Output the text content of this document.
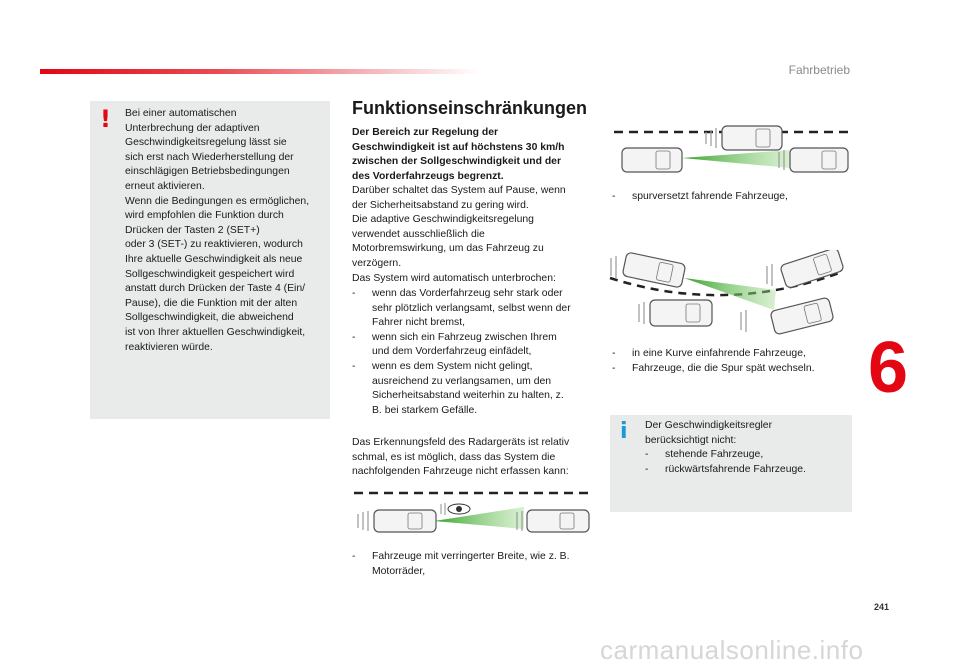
Fahrbetrieb
! Bei einer automatischen
Unterbrechung der adaptiven
Geschwindigkeitsregelung lässt sie
sich erst nach Wiederherstellung der
einschlägigen Betriebsbedingungen
erneut aktivieren.
Wenn die Bedingungen es ermöglichen,
wird empfohlen die Funktion durch
Drücken der Tasten 2 (SET+)
oder 3 (SET-) zu reaktivieren, wodurch
Ihre aktuelle Geschwindigkeit als neue
Sollgeschwindigkeit gespeichert wird
anstatt durch Drücken der Taste 4 (Ein/
Pause), die die Funktion mit der alten
Sollgeschwindigkeit, die abweichend
ist von Ihrer aktuellen Geschwindigkeit,
reaktivieren würde.
Funktionseinschränkungen
Der Bereich zur Regelung der
Geschwindigkeit ist auf höchstens 30 km/h
zwischen der Sollgeschwindigkeit und der
des Vorderfahrzeugs begrenzt.
Darüber schaltet das System auf Pause, wenn
der Sicherheitsabstand zu gering wird.
Die adaptive Geschwindigkeitsregelung
verwendet ausschließlich die
Motorbremswirkung, um das Fahrzeug zu
verzögern.
Das System wird automatisch unterbrochen:
-	wenn das Vorderfahrzeug sehr stark oder
sehr plötzlich verlangsamt, selbst wenn der
Fahrer nicht bremst,
-	wenn sich ein Fahrzeug zwischen Ihrem
und dem Vorderfahrzeug einfädelt,
-	wenn es dem System nicht gelingt,
ausreichend zu verlangsamen, um den
Sicherheitsabstand weiterhin zu halten, z.
B. bei starkem Gefälle.
Das Erkennungsfeld des Radargeräts ist relativ
schmal, es ist möglich, dass das System die
nachfolgenden Fahrzeuge nicht erfassen kann:
-	Fahrzeuge mit verringerter Breite, wie z. B.
Motorräder,
-	spurversetzt fahrende Fahrzeuge,
-	in eine Kurve einfahrende Fahrzeuge,
-	Fahrzeuge, die die Spur spät wechseln.
i Der Geschwindigkeitsregler
berücksichtigt nicht:
-	stehende Fahrzeuge,
-	rückwärtsfahrende Fahrzeuge.
6
241
carmanualsonline.info
